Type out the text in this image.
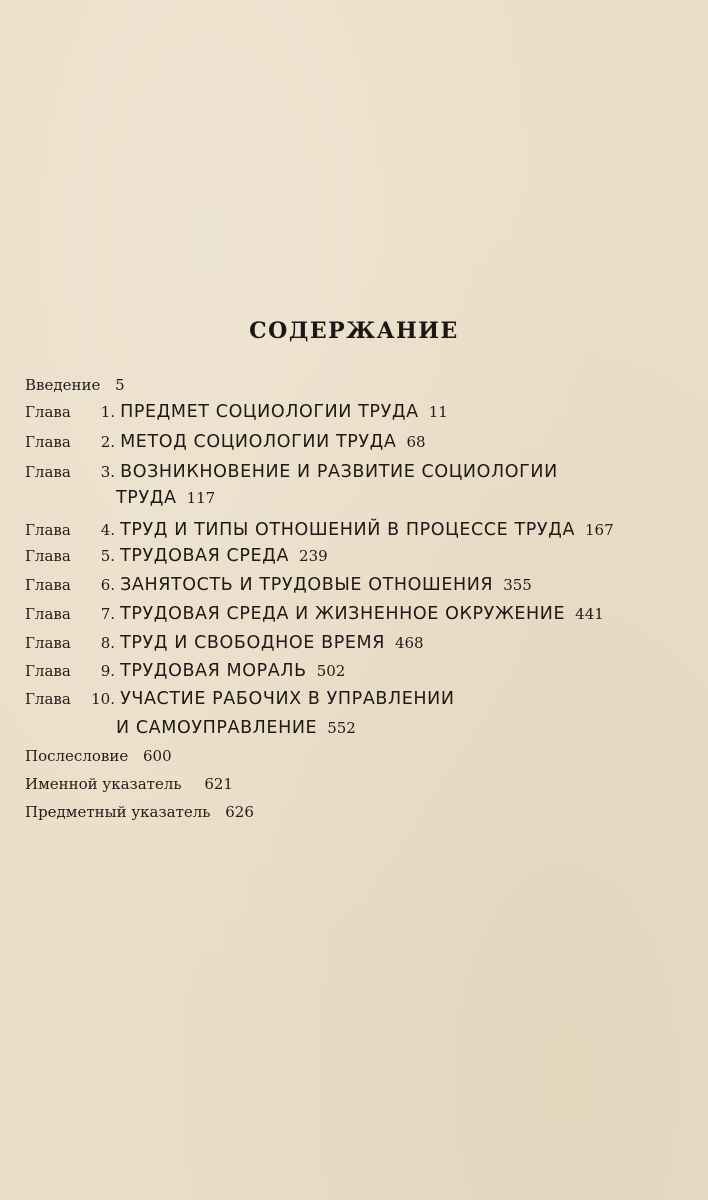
СОДЕРЖАНИЕ
Введение 5
Глава 1. ПРЕДМЕТ СОЦИОЛОГИИ ТРУДА 11
Глава 2. МЕТОД СОЦИОЛОГИИ ТРУДА 68
Глава 3. ВОЗНИКНОВЕНИЕ И РАЗВИТИЕ СОЦИОЛОГИИ
ТРУДА 117
Глава 4. ТРУД И ТИПЫ ОТНОШЕНИЙ В ПРОЦЕССЕ ТРУДА 167
Глава 5. ТРУДОВАЯ СРЕДА 239
Глава 6. ЗАНЯТОСТЬ И ТРУДОВЫЕ ОТНОШЕНИЯ 355
Глава 7. ТРУДОВАЯ СРЕДА И ЖИЗНЕННОЕ ОКРУЖЕНИЕ 441
Глава 8. ТРУД И СВОБОДНОЕ ВРЕМЯ 468
Глава 9. ТРУДОВАЯ МОРАЛЬ 502
Глава 10. УЧАСТИЕ РАБОЧИХ В УПРАВЛЕНИИ
И САМОУПРАВЛЕНИЕ 552
Послесловие 600
Именной указатель 621
Предметный указатель 626
